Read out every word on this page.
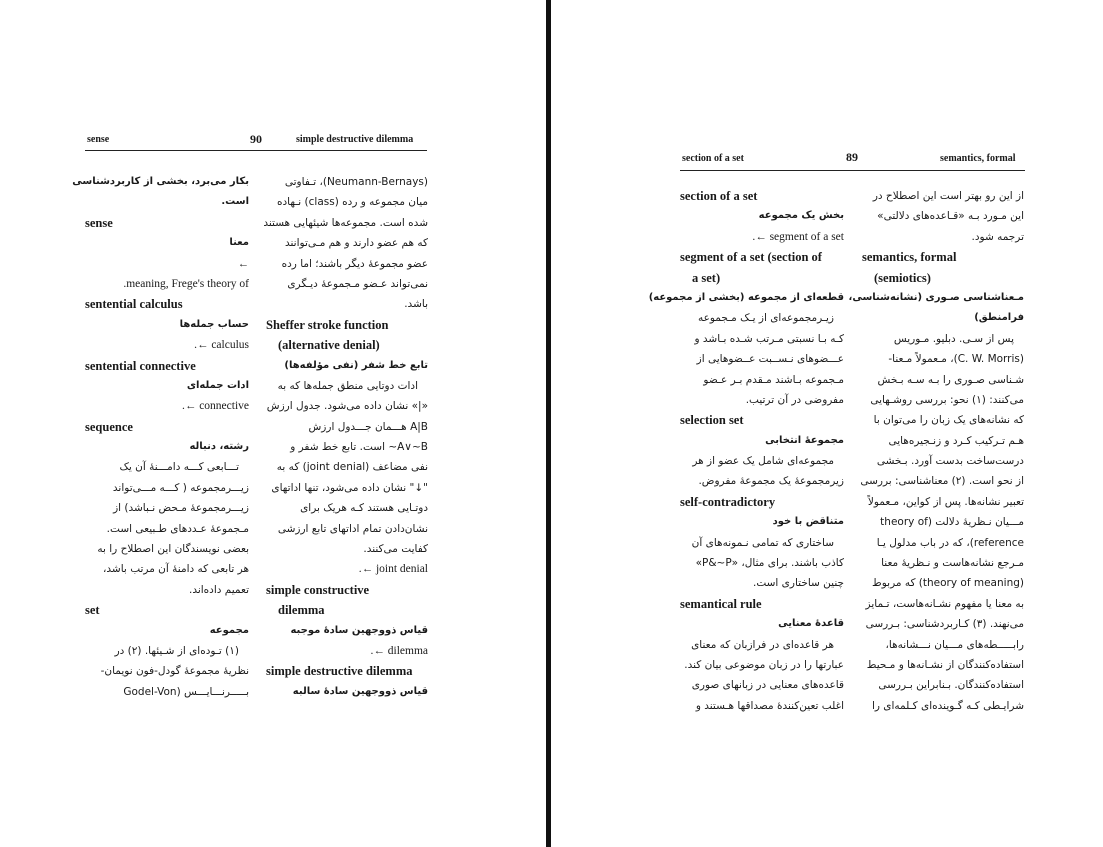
sense	90	simple destructive dilemma
بکار می‌برد، بخشی از کاربردشناسی
است.
sense
معنا
←
meaning, Frege's theory of.
sentential calculus
حساب جمله‌ها
calculus ←.
sentential connective
ادات جمله‌ای
connective ←.
sequence
رشته، دنباله
تـــابعی کـــه دامـــنهٔ آن یک
زیـــرمجموعه ( کـــه مـــی‌تواند
زیـــرمجموعهٔ مـحض نـباشد) از
مـجموعهٔ عـددهای طـبیعی است.
بعضی نویسندگان این اصطلاح را به
هر تابعی که دامنهٔ آن مرتب باشد،
تعمیم داده‌اند.
set
مجموعه
(۱) تـوده‌ای از شـیئها. (۲) در
نظریهٔ مجموعهٔ گودل-فون نویمان-
بـــــرنـــایـــس (Godel-Von
(Neumann-Bernays)، تـفاوتی
میان مجموعه و رده (class) نـهاده
شده است. مجموعه‌ها شیئهایی هستند
که هم عضو دارند و هم مـی‌توانند
عضو مجموعهٔ دیگر باشند؛ اما رده
نمی‌تواند عـضو مـجموعهٔ دیـگری
باشد.
Sheffer stroke function
(alternative denial)
تابع خط شفر (نفی مؤلفه‌ها)
ادات دوتایی منطق جمله‌ها که به
«|» نشان داده می‌شود. جدول ارزش
A|B هـــمان جـــدول ارزش
A∨~B~ است. تابع خط شفر و
نفی مضاعف (joint denial) که به
"↓" نشان داده می‌شود، تنها اداتهای
دوتـایی هستند کـه هریک برای
نشان‌دادن تمام اداتهای تابع ارزشی
کفایت می‌کنند.
joint denial ←.
simple constructive
dilemma
قیاس ذووجهین سادهٔ موجبه
dilemma ←.
simple destructive dilemma
قیاس ذووجهین سادهٔ سالبه
section of a set	89	semantics, formal
section of a set
بخش یک مجموعه
segment of a set ←.
segment of a set (section of
a set)
قطعه‌ای از مجموعه (بخشی از مجموعه)
زیـرمجموعه‌ای از یـک مـجموعه
کـه بـا نسبتی مـرتب شـده بـاشد و
عـــضوهای نـســبت عــضوهایی از
مـجموعه بـاشند مـقدم بـر عـضو
مفروضی در آن ترتیب.
selection set
مجموعهٔ انتخابی
مجموعه‌ای شامل یک عضو از هر
زیرمجموعهٔ یک مجموعهٔ مفروض.
self-contradictory
متناقض با خود
ساختاری که تمامی نـمونه‌های آن
کاذب باشند. برای مثال، «P&~P»
چنین ساختاری است.
semantical rule
قاعدهٔ معنایی
هر قاعده‌ای در فرازبان که معنای
عبارتها را در زبان موضوعی بیان کند.
قاعده‌های معنایی در زبانهای صوری
اغلب تعین‌کنندهٔ مصداقها هـستند و
از این رو بهتر است این اصطلاح در
این مـورد بـه «قـاعده‌های دلالتی»
ترجمه شود.
semantics, formal
(semiotics)
مـعناشناسی صـوری (نشانه‌شناسی،
فرامنطق)
پس از سـی. دبلیو. مـوریس
(C. W. Morris)، مـعمولاً مـعنا-
شـناسی صـوری را بـه سـه بـخش
می‌کنند: (۱) نحو: بررسی روشـهایی
که نشانه‌های یک زبان را می‌توان با
هـم تـرکیب کـرد و زنـجیره‌هایی
درست‌ساخت بدست آورد. بـخشی
از نحو است. (۲) معناشناسی: بررسی
تعبیر نشانه‌ها. پس از کواین، مـعمولاً
مـــیان نـظریهٔ دلالت (theory of
reference)، که در باب مدلول یـا
مـرجع نشانه‌هاست و نـظریهٔ معنا
(theory of meaning) که مربوط
به معنا یا مفهوم نشـانه‌هاست، تـمایز
می‌نهند. (۳) کـاربردشناسی: بـررسی
رابـــــطه‌های مـــیان نـــشانه‌ها،
استفاده‌کنندگان از نشـانه‌ها و مـحیط
استفاده‌کنندگان. بـنابراین بـررسی
شرایـطی کـه گـوینده‌ای کـلمه‌ای را
